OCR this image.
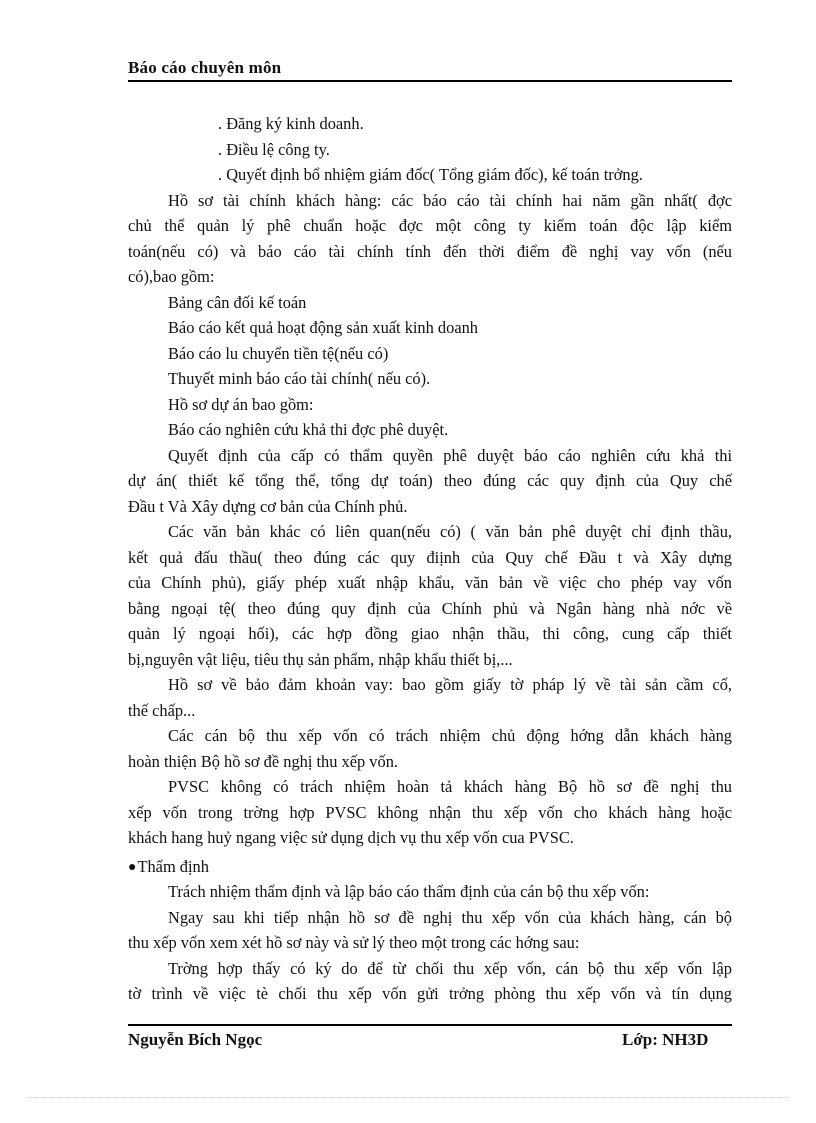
Báo cáo chuyên môn
. Đăng ký kinh doanh.
. Điều lệ công ty.
. Quyết định bổ nhiệm giám đốc( Tổng giám đốc), kế toán trởng.
Hồ sơ tài chính khách hàng: các báo cáo tài chính hai năm gần nhất( đợc
chủ thể quản lý phê chuẩn hoặc đợc một công ty kiểm toán độc lập kiểm
toán(nếu có) và báo cáo tài chính tính đến thời điểm đề nghị vay vốn (nếu
có),bao gồm:
Bảng cân đối kế toán
Báo cáo kết quả hoạt động sản xuất kinh doanh
Báo cáo lu chuyển tiền tệ(nếu có)
Thuyết minh báo cáo tài chính( nếu có).
Hồ sơ dự án bao gồm:
Báo cáo nghiên cứu khả thi đợc phê duyệt.
Quyết định của cấp có thẩm quyền phê duyệt báo cáo nghiên cứu khả thi
dự án( thiết kế tổng thể, tổng dự toán) theo đúng các quy định của Quy chế
Đầu t Và Xây dựng cơ bản của Chính phủ.
Các văn bản khác có liên quan(nếu có) ( văn bản phê duyệt chỉ định thầu,
kết quả đấu thầu( theo đúng các quy điịnh của Quy chế Đầu t và Xây dựng
của Chính phủ), giấy phép xuất nhập khẩu, văn bản về việc cho phép vay vốn
bằng ngoại tệ( theo đúng quy định của Chính phủ và Ngân hàng nhà nớc về
quản lý ngoại hối), các hợp đồng giao nhận thầu, thi công, cung cấp thiết
bị,nguyên vật liệu, tiêu thụ sản phẩm, nhập khẩu thiết bị,...
Hồ sơ về bảo đảm khoản vay: bao gồm giấy tờ pháp lý về tài sản cầm cố,
thế chấp...
Các cán bộ thu xếp vốn có trách nhiệm chủ động hớng dẫn khách hàng
hoàn thiện Bộ hồ sơ đề nghị thu xếp vốn.
PVSC không có trách nhiệm hoàn tả khách hàng Bộ hồ sơ đề nghị thu
xếp vốn trong trờng hợp PVSC không nhận thu xếp vốn cho khách hàng hoặc
khách hang huỷ ngang việc sử dụng dịch vụ thu xếp vốn cua PVSC.
●Thẩm định
Trách nhiệm thẩm định và lập báo cáo thẩm định của cán bộ thu xếp vốn:
Ngay sau khi tiếp nhận hồ sơ đề nghị thu xếp vốn của khách hàng, cán bộ
thu xếp vốn xem xét hồ sơ này và sử lý theo một trong các hớng sau:
Trờng hợp thấy có ký do để từ chối thu xếp vốn, cán bộ thu xếp vốn lập
tờ trình về việc tè chối thu xếp vốn gửi trởng phòng thu xếp vốn và tín dụng
Nguyễn Bích Ngọc	Lớp: NH3D
